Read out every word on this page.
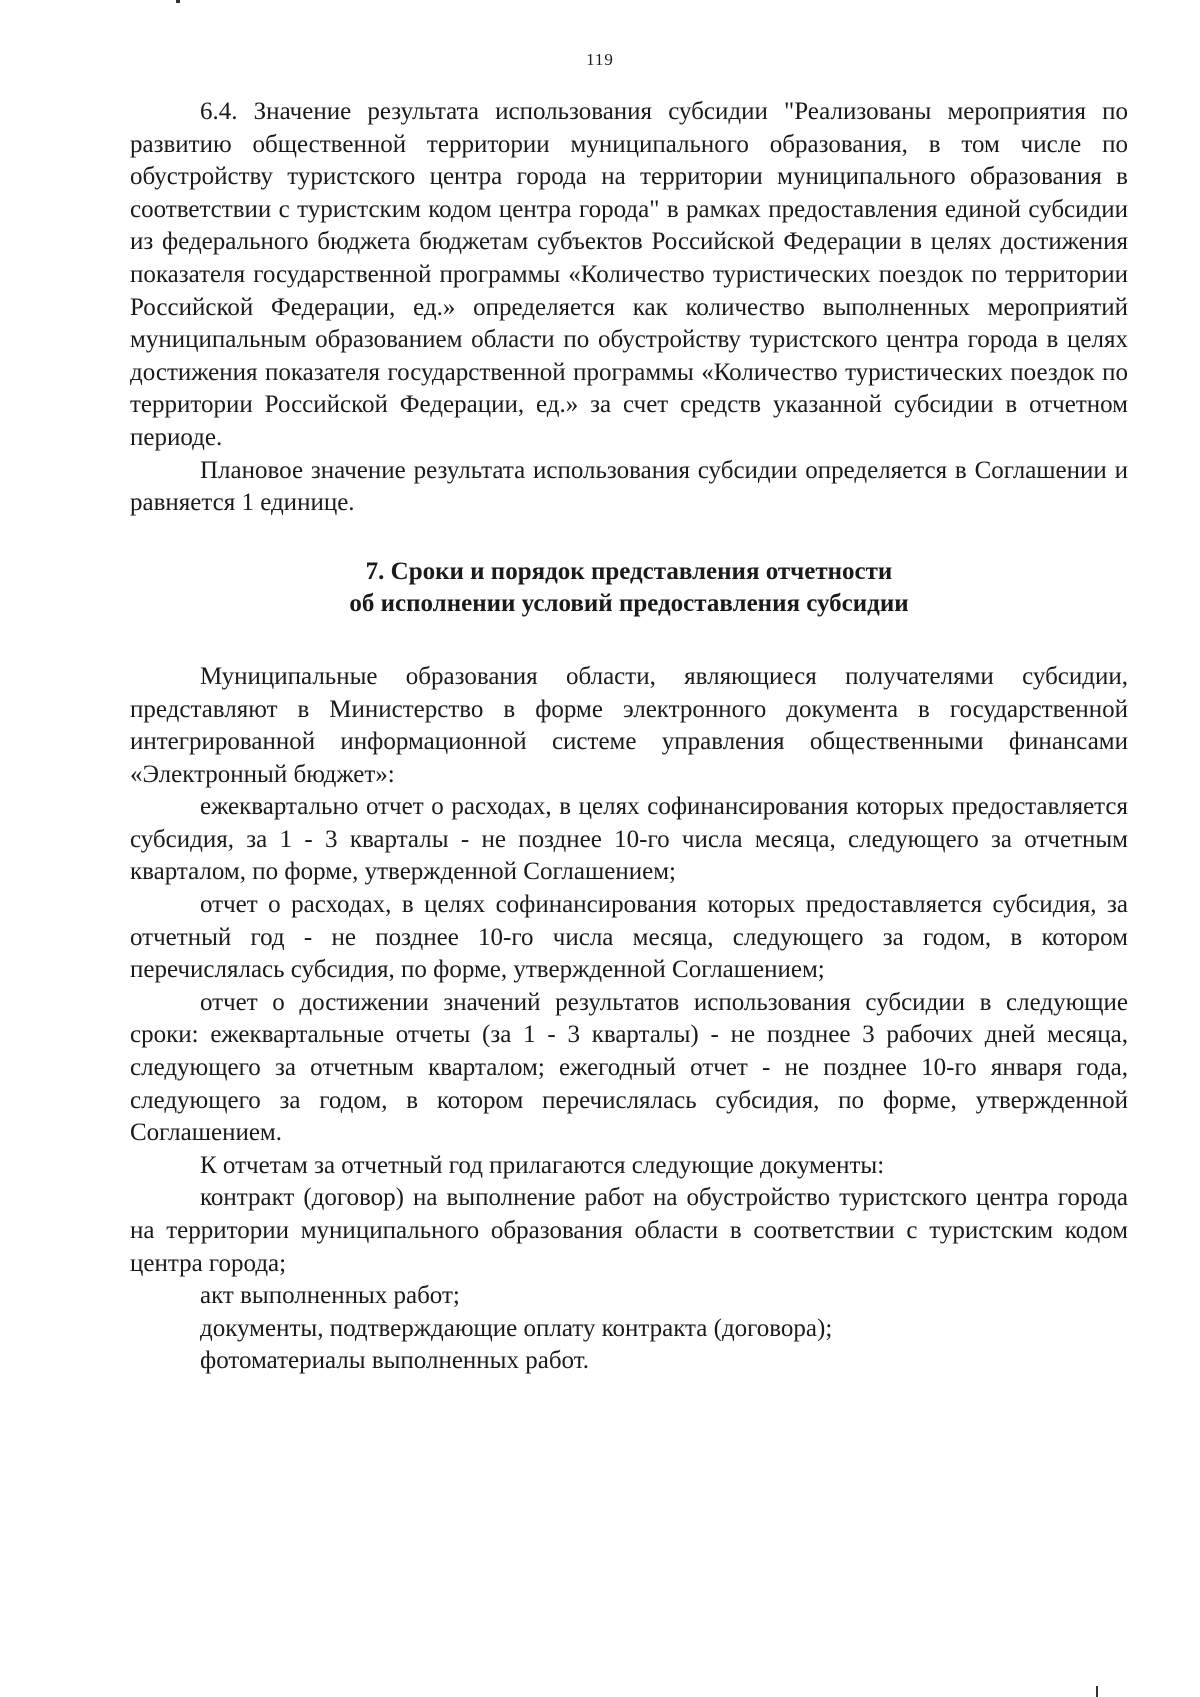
119

6.4. Значение результата использования субсидии "Реализованы мероприятия по развитию общественной территории муниципального образования, в том числе по обустройству туристского центра города на территории муниципального образования в соответствии с туристским кодом центра города" в рамках предоставления единой субсидии из федерального бюджета бюджетам субъектов Российской Федерации в целях достижения показателя государственной программы «Количество туристических поездок по территории Российской Федерации, ед.» определяется как количество выполненных мероприятий муниципальным образованием области по обустройству туристского центра города в целях достижения показателя государственной программы «Количество туристических поездок по территории Российской Федерации, ед.» за счет средств указанной субсидии в отчетном периоде.

Плановое значение результата использования субсидии определяется в Соглашении и равняется 1 единице.

7. Сроки и порядок представления отчетности
об исполнении условий предоставления субсидии

Муниципальные образования области, являющиеся получателями субсидии, представляют в Министерство в форме электронного документа в государственной интегрированной информационной системе управления общественными финансами «Электронный бюджет»:

ежеквартально отчет о расходах, в целях софинансирования которых предоставляется субсидия, за 1 - 3 кварталы - не позднее 10-го числа месяца, следующего за отчетным кварталом, по форме, утвержденной Соглашением;

отчет о расходах, в целях софинансирования которых предоставляется субсидия, за отчетный год - не позднее 10-го числа месяца, следующего за годом, в котором перечислялась субсидия, по форме, утвержденной Соглашением;

отчет о достижении значений результатов использования субсидии в следующие сроки: ежеквартальные отчеты (за 1 - 3 кварталы) - не позднее 3 рабочих дней месяца, следующего за отчетным кварталом; ежегодный отчет - не позднее 10-го января года, следующего за годом, в котором перечислялась субсидия, по форме, утвержденной Соглашением.

К отчетам за отчетный год прилагаются следующие документы:

контракт (договор) на выполнение работ на обустройство туристского центра города на территории муниципального образования области в соответствии с туристским кодом центра города;

акт выполненных работ;

документы, подтверждающие оплату контракта (договора);

фотоматериалы выполненных работ.
